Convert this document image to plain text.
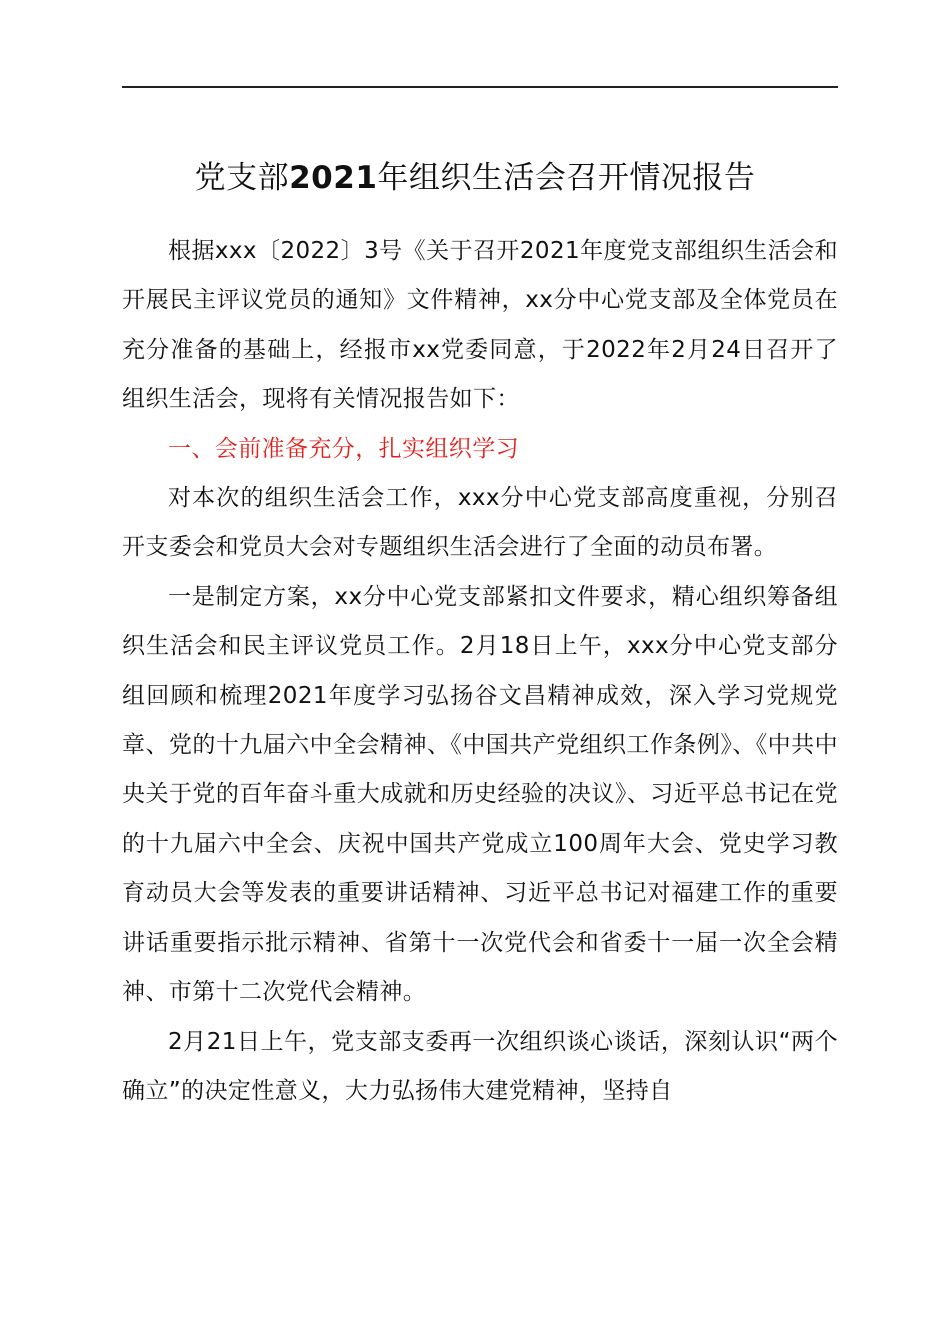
党支部2021年组织生活会召开情况报告

根据xxx〔2022〕3号《关于召开2021年度党支部组织生活会和开展民主评议党员的通知》文件精神，xx分中心党支部及全体党员在充分准备的基础上，经报市xx党委同意，于2022年2月24日召开了组织生活会，现将有关情况报告如下：

一、会前准备充分，扎实组织学习

对本次的组织生活会工作，xxx分中心党支部高度重视，分别召开支委会和党员大会对专题组织生活会进行了全面的动员布署。

一是制定方案，xx分中心党支部紧扣文件要求，精心组织筹备组织生活会和民主评议党员工作。2月18日上午，xxx分中心党支部分组回顾和梳理2021年度学习弘扬谷文昌精神成效，深入学习党规党章、党的十九届六中全会精神、《中国共产党组织工作条例》、《中共中央关于党的百年奋斗重大成就和历史经验的决议》、习近平总书记在党的十九届六中全会、庆祝中国共产党成立100周年大会、党史学习教育动员大会等发表的重要讲话精神、习近平总书记对福建工作的重要讲话重要指示批示精神、省第十一次党代会和省委十一届一次全会精神、市第十二次党代会精神。

2月21日上午，党支部支委再一次组织谈心谈话，深刻认识“两个确立”的决定性意义，大力弘扬伟大建党精神，坚持自
